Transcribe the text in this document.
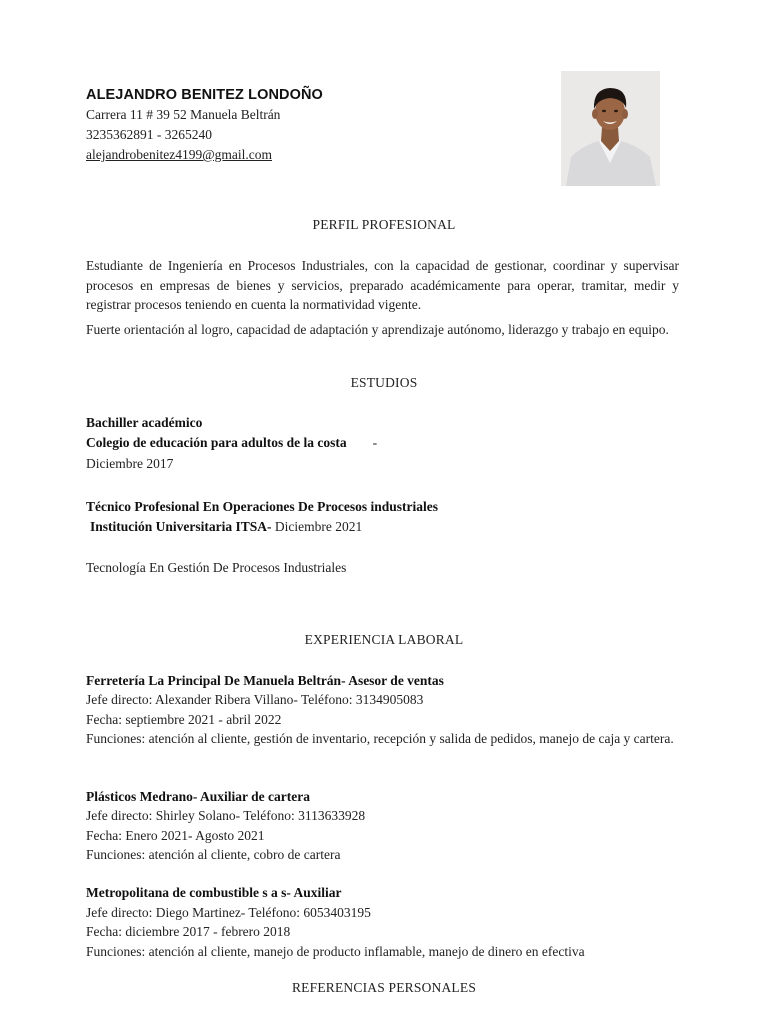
ALEJANDRO BENITEZ LONDOÑO
Carrera 11 # 39 52 Manuela Beltrán
3235362891 - 3265240
alejandrobenitez4199@gmail.com
PERFIL PROFESIONAL
Estudiante de Ingeniería en Procesos Industriales, con la capacidad de gestionar, coordinar y supervisar procesos en empresas de bienes y servicios, preparado académicamente para operar, tramitar, medir y registrar procesos teniendo en cuenta la normatividad vigente.
Fuerte orientación al logro, capacidad de adaptación y aprendizaje autónomo, liderazgo y trabajo en equipo.
ESTUDIOS
Bachiller académico
Colegio de educación para adultos de la costa -
Diciembre 2017
Técnico Profesional En Operaciones De Procesos industriales
Institución Universitaria ITSA- Diciembre 2021
Tecnología En Gestión De Procesos Industriales
EXPERIENCIA LABORAL
Ferretería La Principal De Manuela Beltrán- Asesor de ventas
Jefe directo: Alexander Ribera Villano- Teléfono: 3134905083
Fecha: septiembre 2021 - abril 2022
Funciones: atención al cliente, gestión de inventario, recepción y salida de pedidos, manejo de caja y cartera.
Plásticos Medrano- Auxiliar de cartera
Jefe directo: Shirley Solano- Teléfono: 3113633928
Fecha: Enero 2021- Agosto 2021
Funciones: atención al cliente, cobro de cartera
Metropolitana de combustible s a s- Auxiliar
Jefe directo: Diego Martinez- Teléfono: 6053403195
Fecha: diciembre 2017 - febrero 2018
Funciones: atención al cliente, manejo de producto inflamable, manejo de dinero en efectiva
REFERENCIAS PERSONALES
